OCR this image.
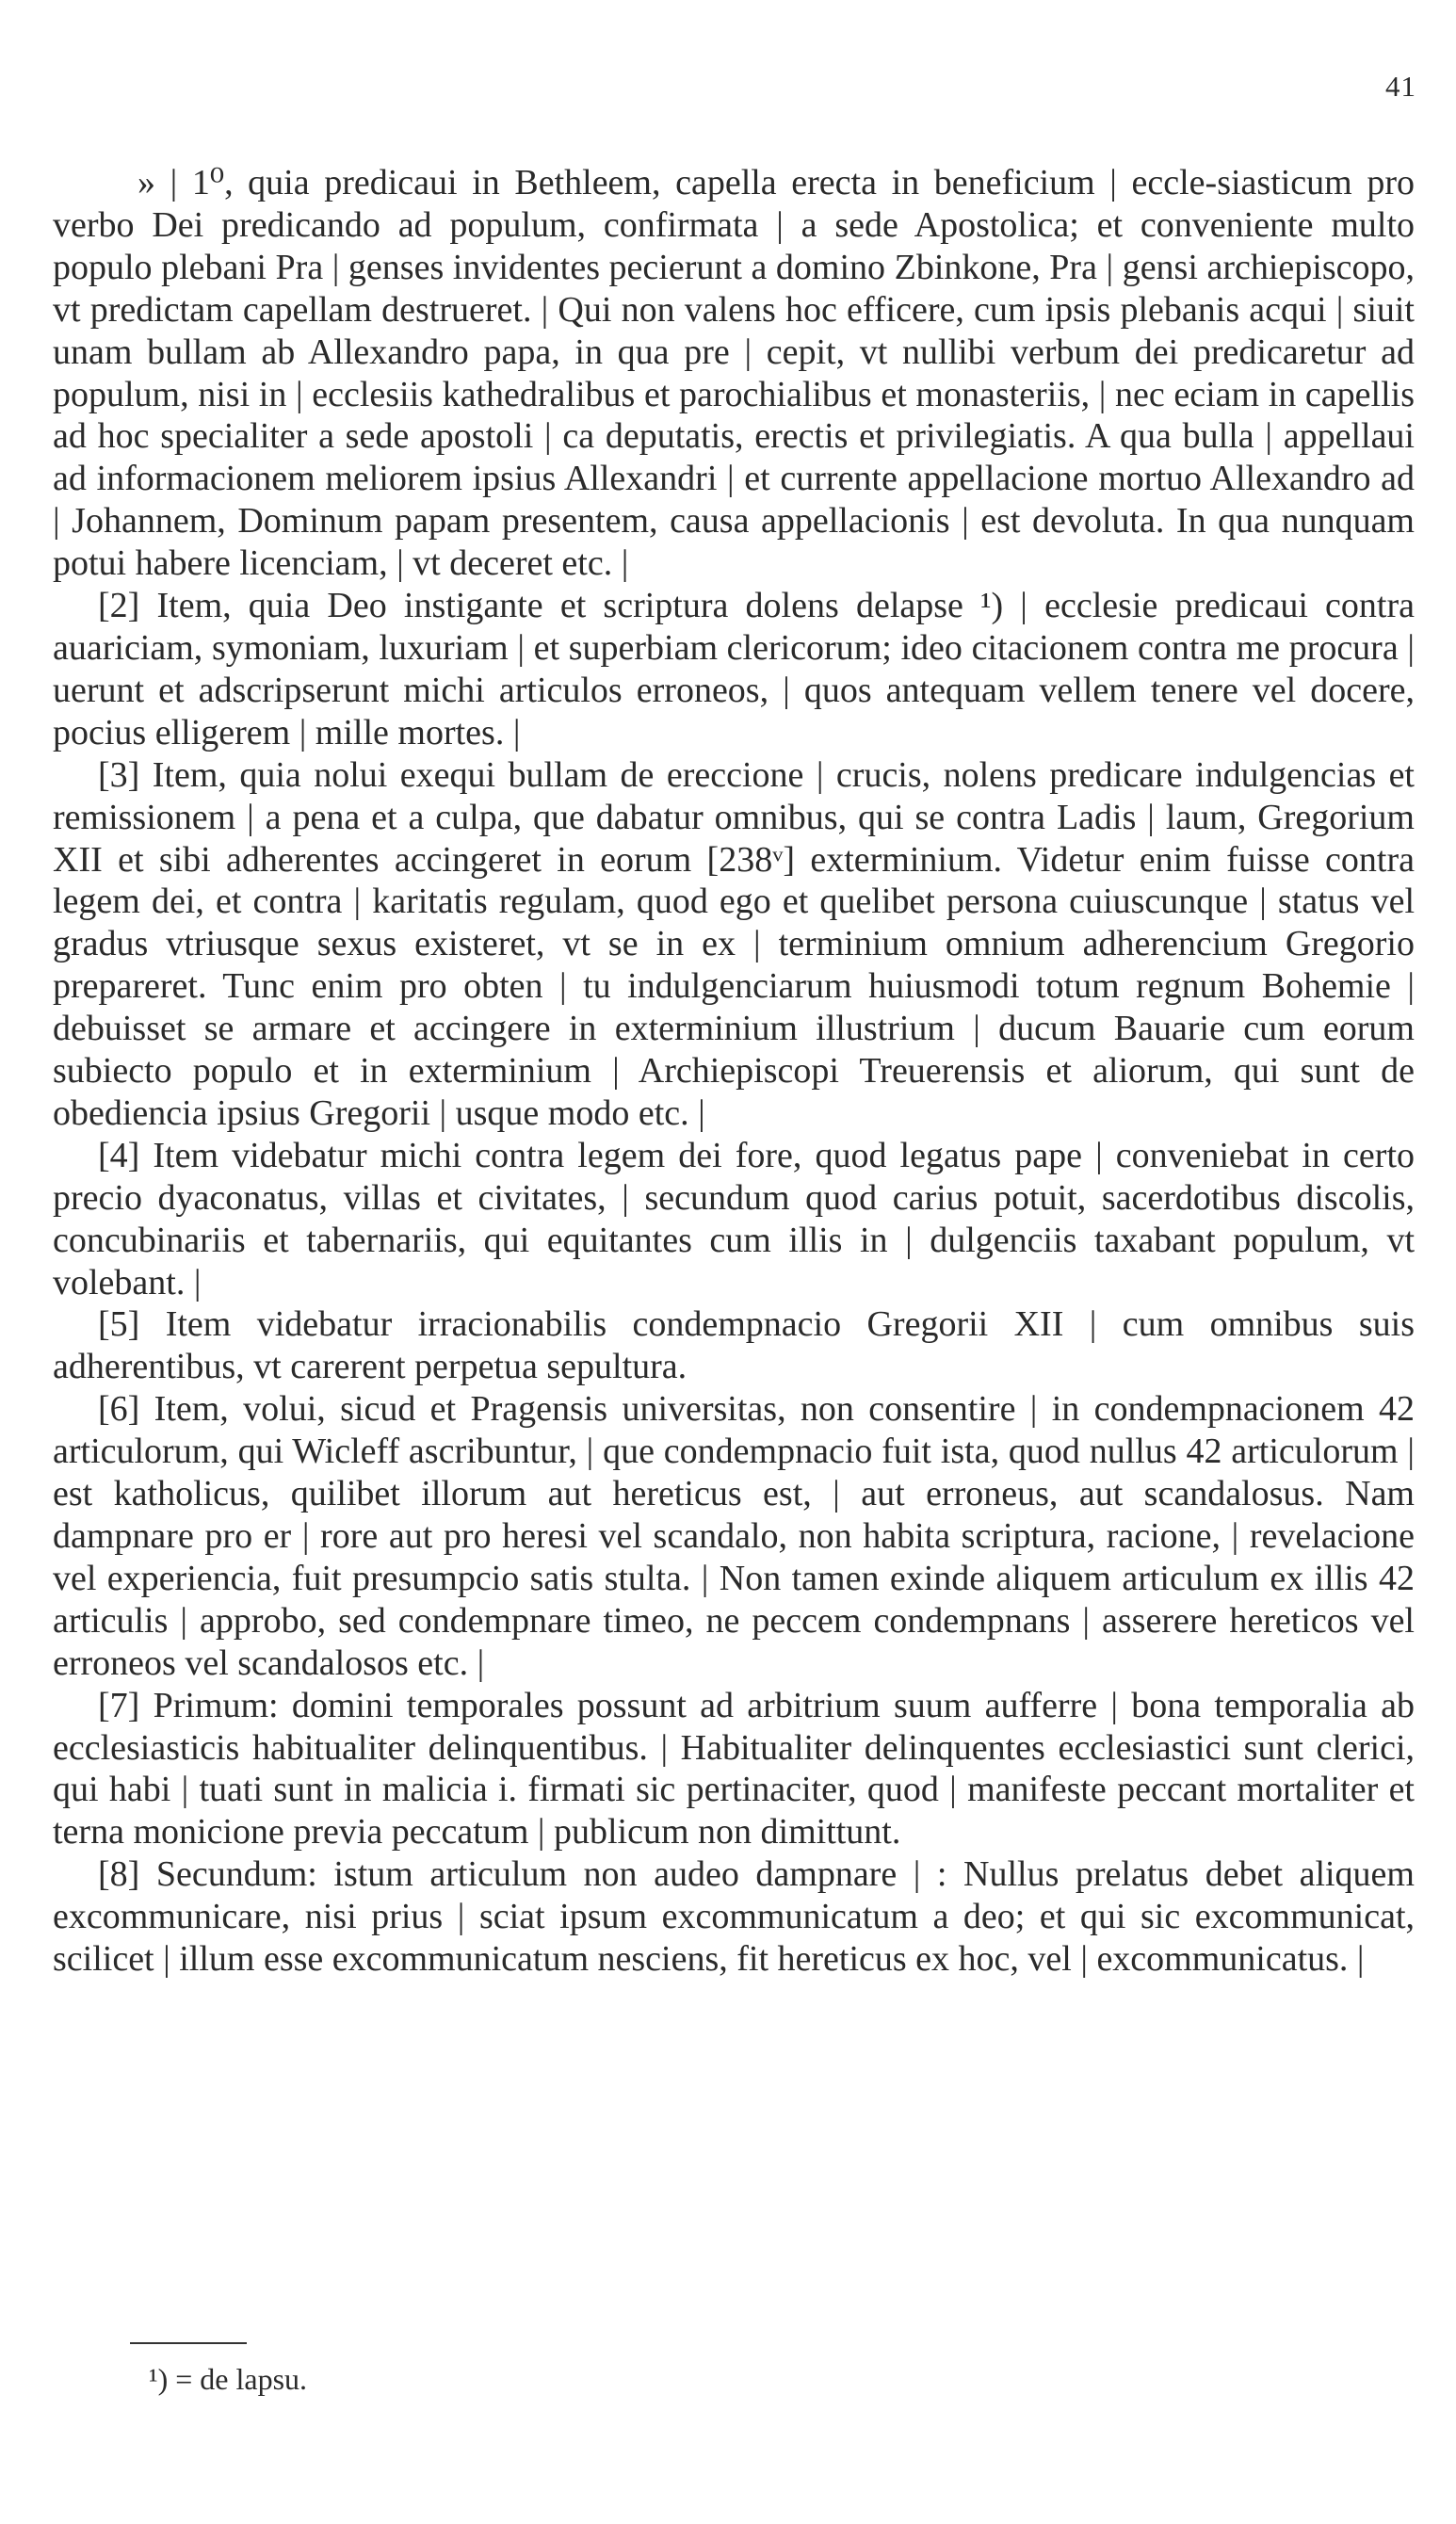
41

» | 1⁰, quia predicaui in Bethleem, capella erecta in beneficium | eccle-siasticum pro verbo Dei predicando ad populum, confirmata | a sede Apostolica; et conveniente multo populo plebani Pra | genses invidentes pecierunt a domino Zbinkone, Pra | gensi archiepiscopo, vt predictam capellam destrueret. | Qui non valens hoc efficere, cum ipsis plebanis acqui | siuit unam bullam ab Allexandro papa, in qua pre | cepit, vt nullibi verbum dei predicaretur ad populum, nisi in | ecclesiis kathedralibus et parochialibus et monasteriis, | nec eciam in capellis ad hoc specialiter a sede apostoli | ca deputatis, erectis et privilegiatis. A qua bulla | appellaui ad informacionem meliorem ipsius Allexandri | et currente appellacione mortuo Allexandro ad | Johannem, Dominum papam presentem, causa appellacionis | est devoluta. In qua nunquam potui habere licenciam, | vt deceret etc. |

[2] Item, quia Deo instigante et scriptura dolens delapse ¹) | ecclesie predicaui contra auariciam, symoniam, luxuriam | et superbiam clericorum; ideo citacionem contra me procura | uerunt et adscripserunt michi articulos erroneos, | quos antequam vellem tenere vel docere, pocius elligerem | mille mortes. |

[3] Item, quia nolui exequi bullam de ereccione | crucis, nolens predicare indulgencias et remissionem | a pena et a culpa, que dabatur omnibus, qui se contra Ladis | laum, Gregorium XII et sibi adherentes accingeret in eorum [238ᵛ] exterminium. Videtur enim fuisse contra legem dei, et contra | karitatis regulam, quod ego et quelibet persona cuiuscunque | status vel gradus vtriusque sexus existeret, vt se in ex | terminium omnium adherencium Gregorio prepareret. Tunc enim pro obten | tu indulgenciarum huiusmodi totum regnum Bohemie | debuisset se armare et accingere in exterminium illustrium | ducum Bauarie cum eorum subiecto populo et in exterminium | Archiepiscopi Treuerensis et aliorum, qui sunt de obediencia ipsius Gregorii | usque modo etc. |

[4] Item videbatur michi contra legem dei fore, quod legatus pape | conveniebat in certo precio dyaconatus, villas et civitates, | secundum quod carius potuit, sacerdotibus discolis, concubinariis et tabernariis, qui equitantes cum illis in | dulgenciis taxabant populum, vt volebant. |

[5] Item videbatur irracionabilis condempnacio Gregorii XII | cum omnibus suis adherentibus, vt carerent perpetua sepultura.

[6] Item, volui, sicud et Pragensis universitas, non consentire | in condempnacionem 42 articulorum, qui Wicleff ascribuntur, | que condempnacio fuit ista, quod nullus 42 articulorum | est katholicus, quilibet illorum aut hereticus est, | aut erroneus, aut scandalosus. Nam dampnare pro er | rore aut pro heresi vel scandalo, non habita scriptura, racione, | revelacione vel experiencia, fuit presumpcio satis stulta. | Non tamen exinde aliquem articulum ex illis 42 articulis | approbo, sed condempnare timeo, ne peccem condempnans | asserere hereticos vel erroneos vel scandalosos etc. |

[7] Primum: domini temporales possunt ad arbitrium suum aufferre | bona temporalia ab ecclesiasticis habitualiter delinquentibus. | Habitualiter delinquentes ecclesiastici sunt clerici, qui habi | tuati sunt in malicia i. firmati sic pertinaciter, quod | manifeste peccant mortaliter et terna monicione previa peccatum | publicum non dimittunt.

[8] Secundum: istum articulum non audeo dampnare | : Nullus prelatus debet aliquem excommunicare, nisi prius | sciat ipsum excommunicatum a deo; et qui sic excommunicat, scilicet | illum esse excommunicatum nesciens, fit hereticus ex hoc, vel | excommunicatus. |

¹) = de lapsu.
